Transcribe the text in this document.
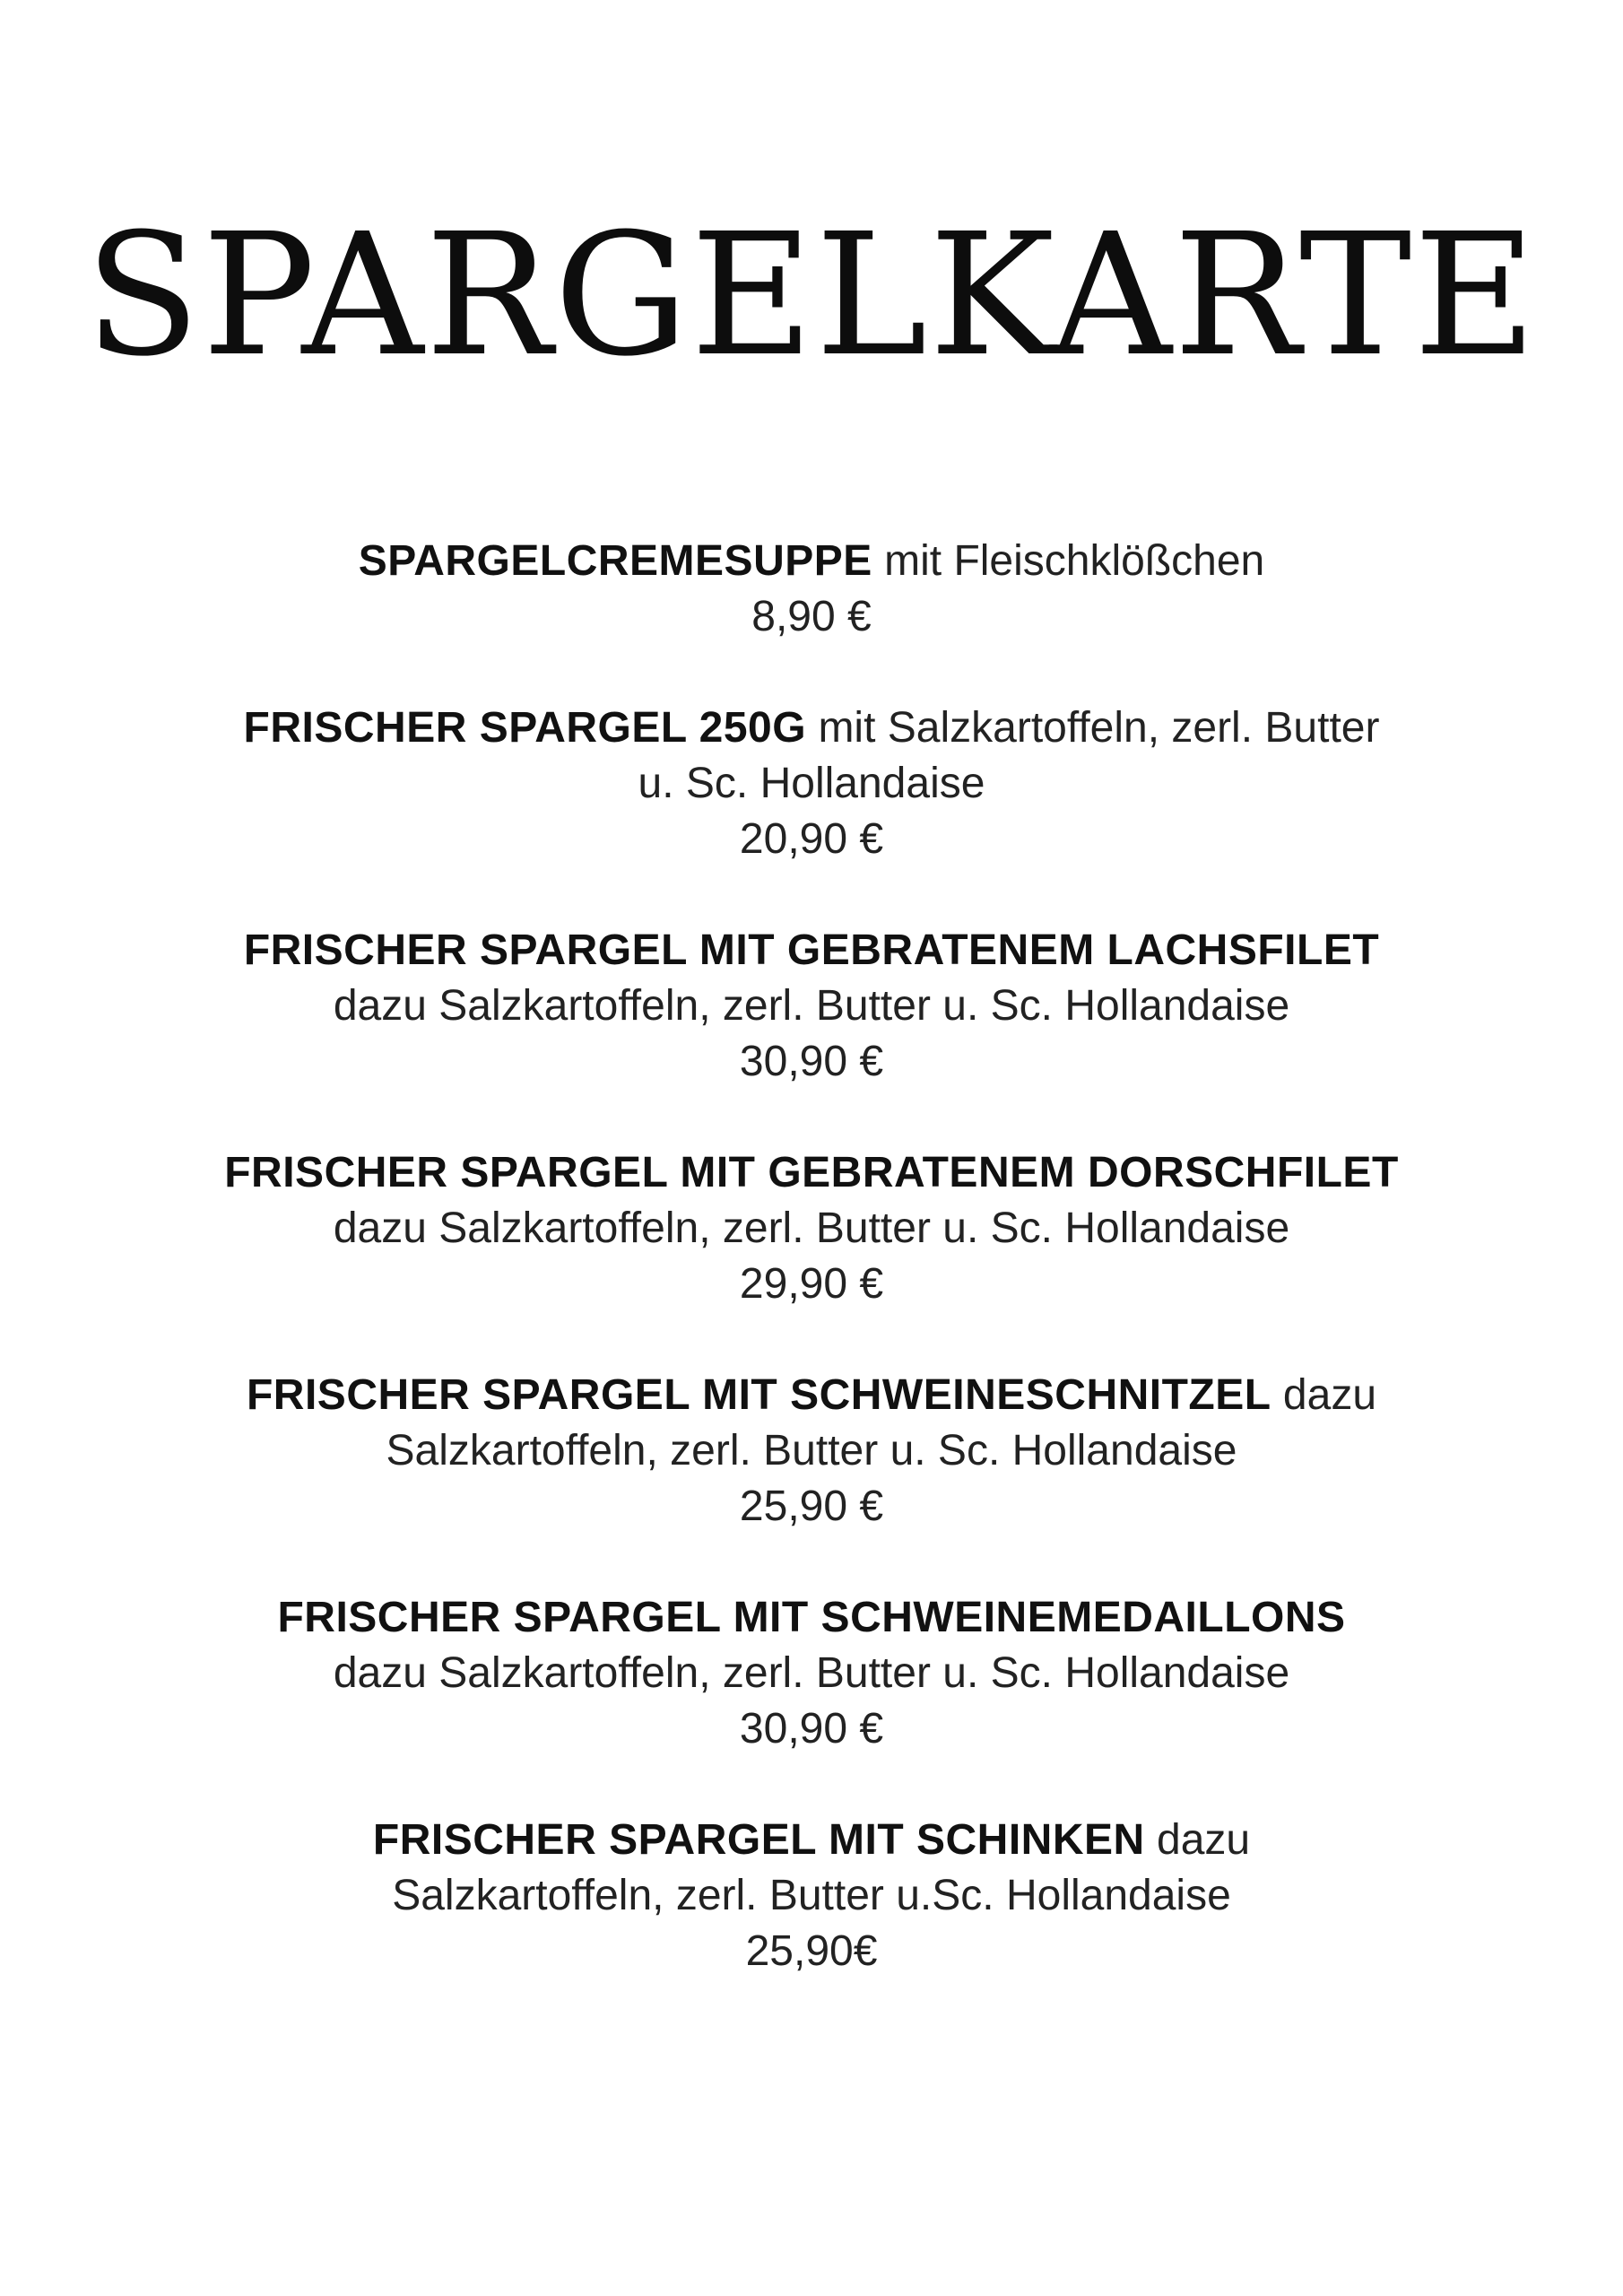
SPARGELKARTE
SPARGELCREMESUPPE mit Fleischklößchen
8,90 €
FRISCHER SPARGEL 250G mit Salzkartoffeln, zerl. Butter
u. Sc. Hollandaise
20,90 €
FRISCHER SPARGEL MIT GEBRATENEM LACHSFILET
dazu Salzkartoffeln, zerl. Butter u. Sc. Hollandaise
30,90 €
FRISCHER SPARGEL MIT GEBRATENEM DORSCHFILET
dazu Salzkartoffeln, zerl. Butter u. Sc. Hollandaise
29,90 €
FRISCHER SPARGEL MIT SCHWEINESCHNITZEL dazu
Salzkartoffeln, zerl. Butter u. Sc. Hollandaise
25,90 €
FRISCHER SPARGEL MIT SCHWEINEMEDAILLONS
dazu Salzkartoffeln, zerl. Butter u. Sc. Hollandaise
30,90 €
FRISCHER SPARGEL MIT SCHINKEN dazu
Salzkartoffeln, zerl. Butter u.Sc. Hollandaise
25,90€
